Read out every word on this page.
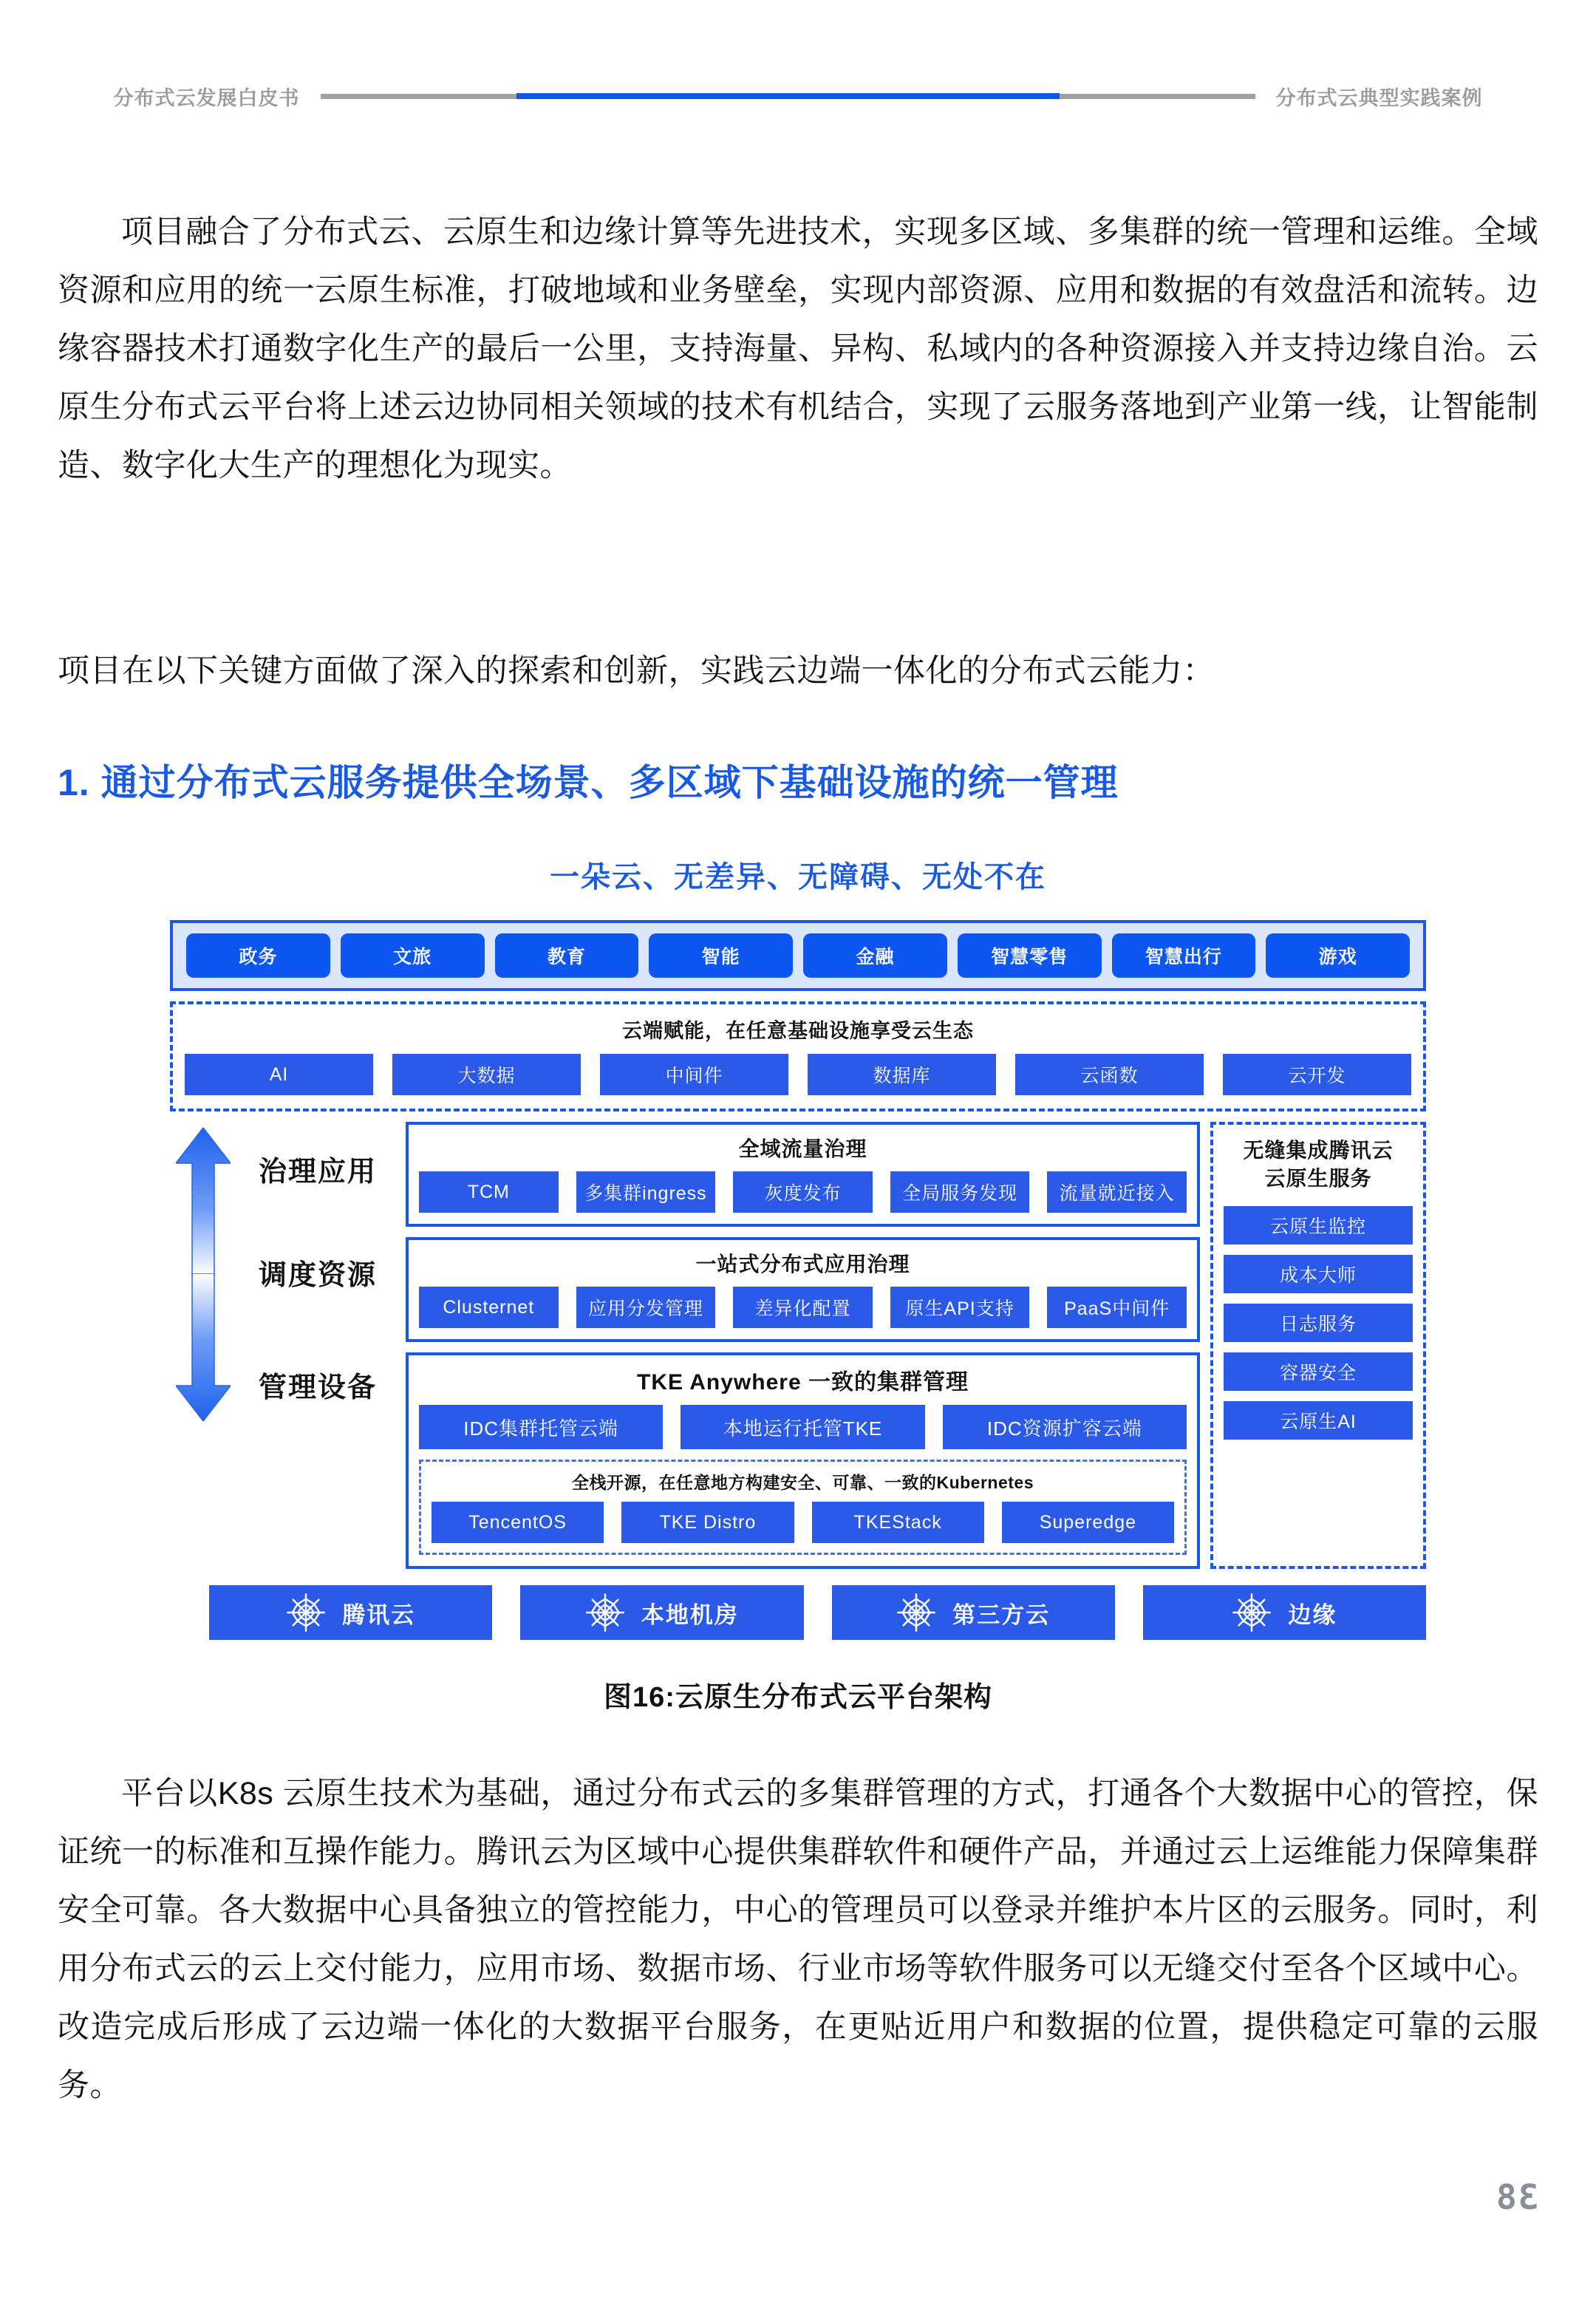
分布式云发展白皮书	分布式云典型实践案例

项目融合了分布式云、云原生和边缘计算等先进技术，实现多区域、多集群的统一管理和运维。全域资源和应用的统一云原生标准，打破地域和业务壁垒，实现内部资源、应用和数据的有效盘活和流转。边缘容器技术打通数字化生产的最后一公里，支持海量、异构、私域内的各种资源接入并支持边缘自治。云原生分布式云平台将上述云边协同相关领域的技术有机结合，实现了云服务落地到产业第一线，让智能制造、数字化大生产的理想化为现实。

项目在以下关键方面做了深入的探索和创新，实践云边端一体化的分布式云能力：

1. 通过分布式云服务提供全场景、多区域下基础设施的统一管理
一朵云、无差异、无障碍、无处不在
政务	文旅	教育	智能	金融	智慧零售	智慧出行	游戏
云端赋能，在任意基础设施享受云生态
AI	大数据	中间件	数据库	云函数	云开发
治理应用
调度资源
管理设备
全域流量治理
TCM	多集群ingress	灰度发布	全局服务发现	流量就近接入
一站式分布式应用治理
Clusternet	应用分发管理	差异化配置	原生API支持	PaaS中间件
TKE Anywhere 一致的集群管理
IDC集群托管云端	本地运行托管TKE	IDC资源扩容云端
全栈开源，在任意地方构建安全、可靠、一致的Kubernetes
TencentOS	TKE Distro	TKEStack	Superedge
无缝集成腾讯云
云原生服务
云原生监控
成本大师
日志服务
容器安全
云原生AI
腾讯云	本地机房	第三方云	边缘
图16:云原生分布式云平台架构

平台以K8s 云原生技术为基础，通过分布式云的多集群管理的方式，打通各个大数据中心的管控，保证统一的标准和互操作能力。腾讯云为区域中心提供集群软件和硬件产品，并通过云上运维能力保障集群安全可靠。各大数据中心具备独立的管控能力，中心的管理员可以登录并维护本片区的云服务。同时，利用分布式云的云上交付能力，应用市场、数据市场、行业市场等软件服务可以无缝交付至各个区域中心。改造完成后形成了云边端一体化的大数据平台服务，在更贴近用户和数据的位置，提供稳定可靠的云服务。

38
